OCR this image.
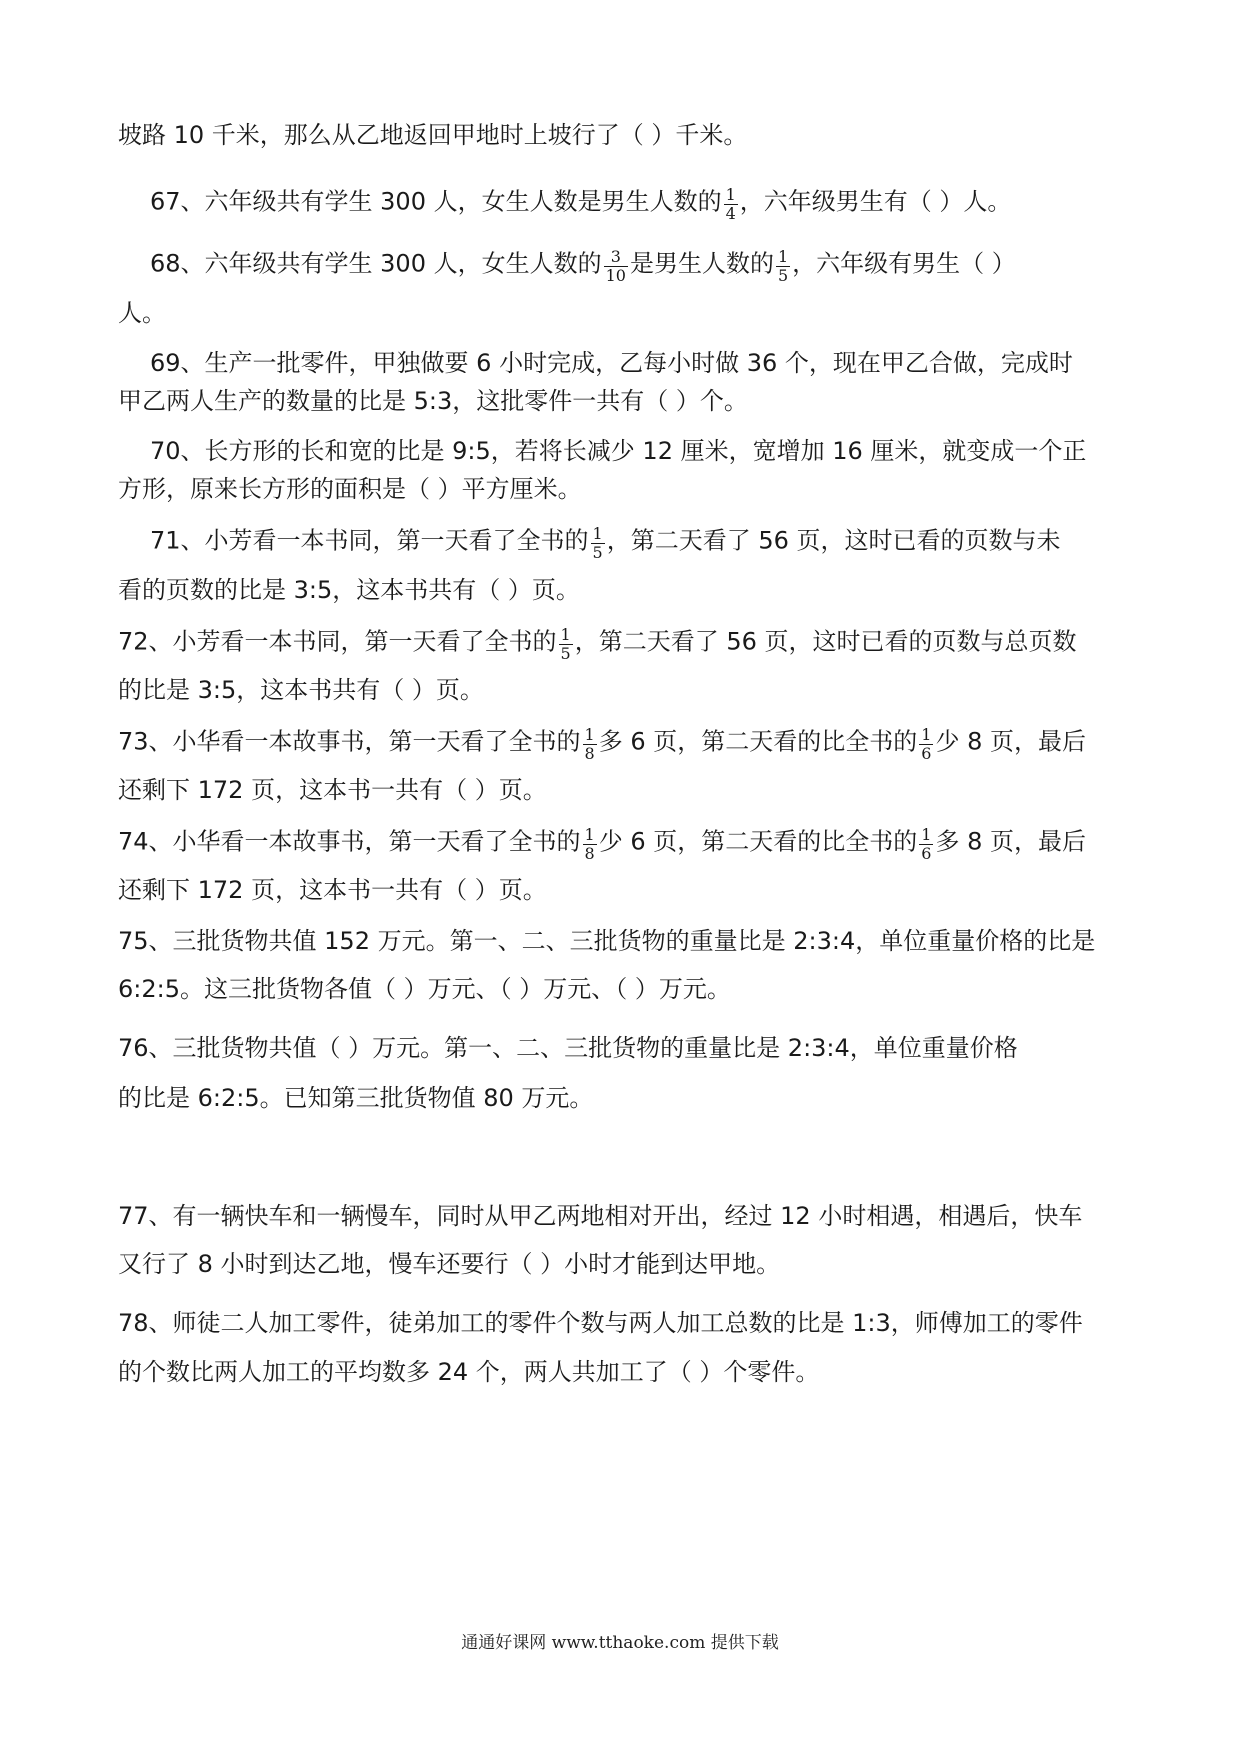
坡路 10 千米，那么从乙地返回甲地时上坡行了（ ）千米。
67、六年级共有学生 300 人，女生人数是男生人数的 $\frac{1}{4}$ ，六年级男生有（ ）人。
68、六年级共有学生 300 人，女生人数的 $\frac{3}{10}$ 是男生人数的 $\frac{1}{5}$ ，六年级有男生（ ）
人。
69、生产一批零件，甲独做要 6 小时完成，乙每小时做 36 个，现在甲乙合做，完成时
甲乙两人生产的数量的比是 5:3，这批零件一共有（ ）个。
70、长方形的长和宽的比是 9:5，若将长减少 12 厘米，宽增加 16 厘米，就变成一个正
方形，原来长方形的面积是（ ）平方厘米。
71、小芳看一本书同，第一天看了全书的 $\frac{1}{5}$ ，第二天看了 56 页，这时已看的页数与未
看的页数的比是 3:5，这本书共有（ ）页。
72、小芳看一本书同，第一天看了全书的 $\frac{1}{5}$ ，第二天看了 56 页，这时已看的页数与总页数
的比是 3:5，这本书共有（ ）页。
73、小华看一本故事书，第一天看了全书的 $\frac{1}{8}$ 多 6 页，第二天看的比全书的 $\frac{1}{6}$ 少 8 页，最后
还剩下 172 页，这本书一共有（ ）页。
74、小华看一本故事书，第一天看了全书的 $\frac{1}{8}$ 少 6 页，第二天看的比全书的 $\frac{1}{6}$ 多 8 页，最后
还剩下 172 页，这本书一共有（ ）页。
75、三批货物共值 152 万元。第一、二、三批货物的重量比是 2:3:4，单位重量价格的比是
6:2:5。这三批货物各值（ ）万元、（ ）万元、（ ）万元。
76、三批货物共值（ ）万元。第一、二、三批货物的重量比是 2:3:4，单位重量价格
的比是 6:2:5。已知第三批货物值 80 万元。
77、有一辆快车和一辆慢车，同时从甲乙两地相对开出，经过 12 小时相遇，相遇后，快车
又行了 8 小时到达乙地，慢车还要行（ ）小时才能到达甲地。
78、师徒二人加工零件，徒弟加工的零件个数与两人加工总数的比是 1:3，师傅加工的零件
的个数比两人加工的平均数多 24 个，两人共加工了（ ）个零件。
通通好课网 www.tthaoke.com 提供下载
